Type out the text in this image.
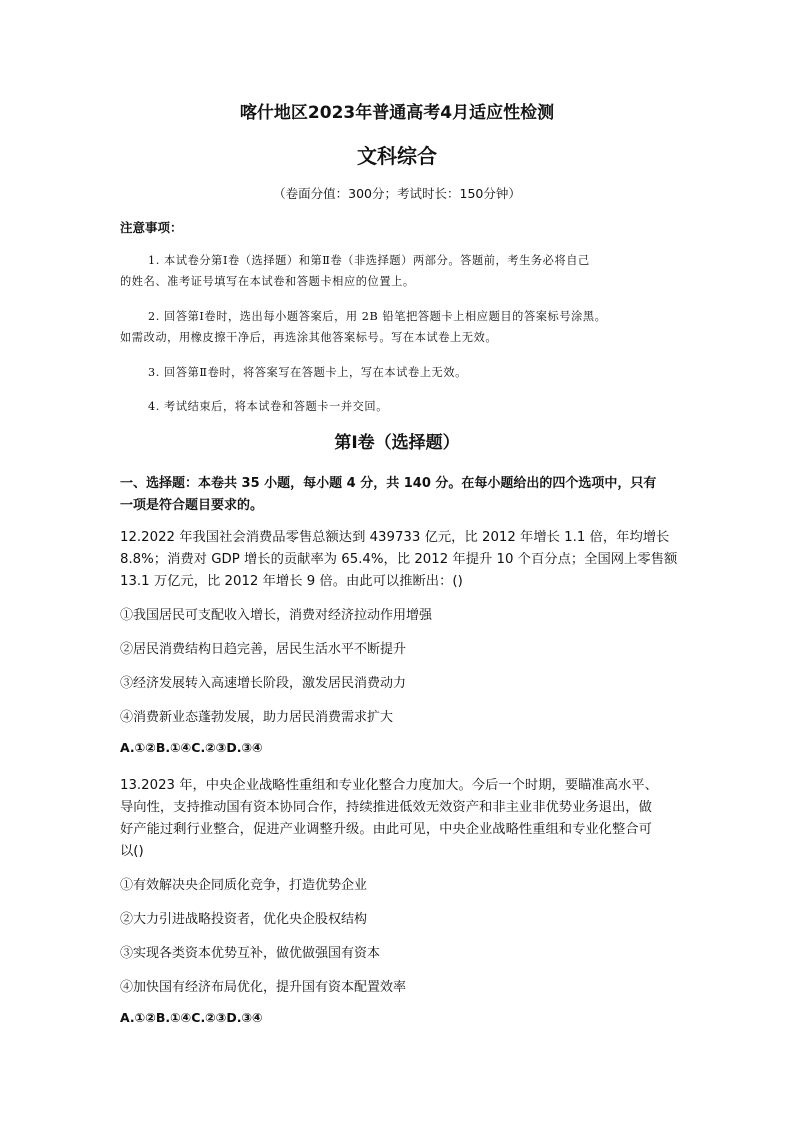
喀什地区2023年普通高考4月适应性检测
文科综合
（卷面分值：300分；考试时长：150分钟）
注意事项：
1. 本试卷分第Ⅰ卷（选择题）和第Ⅱ卷（非选择题）两部分。答题前，考生务必将自己
的姓名、准考证号填写在本试卷和答题卡相应的位置上。
2. 回答第Ⅰ卷时，选出每小题答案后，用 2B 铅笔把答题卡上相应题目的答案标号涂黑。
如需改动，用橡皮擦干净后，再选涂其他答案标号。写在本试卷上无效。
3. 回答第Ⅱ卷时，将答案写在答题卡上，写在本试卷上无效。
4. 考试结束后，将本试卷和答题卡一并交回。
第Ⅰ卷（选择题）
一、选择题：本卷共 35 小题，每小题 4 分，共 140 分。在每小题给出的四个选项中，只有
一项是符合题目要求的。
12.2022 年我国社会消费品零售总额达到 439733 亿元，比 2012 年增长 1.1 倍，年均增长
8.8%；消费对 GDP 增长的贡献率为 65.4%，比 2012 年提升 10 个百分点；全国网上零售额
13.1 万亿元，比 2012 年增长 9 倍。由此可以推断出：()
①我国居民可支配收入增长，消费对经济拉动作用增强
②居民消费结构日趋完善，居民生活水平不断提升
③经济发展转入高速增长阶段，激发居民消费动力
④消费新业态蓬勃发展，助力居民消费需求扩大
A.①②B.①④C.②③D.③④
13.2023 年，中央企业战略性重组和专业化整合力度加大。今后一个时期，要瞄准高水平、
导向性，支持推动国有资本协同合作，持续推进低效无效资产和非主业非优势业务退出，做
好产能过剩行业整合，促进产业调整升级。由此可见，中央企业战略性重组和专业化整合可
以()
①有效解决央企同质化竞争，打造优势企业
②大力引进战略投资者，优化央企股权结构
③实现各类资本优势互补，做优做强国有资本
④加快国有经济布局优化，提升国有资本配置效率
A.①②B.①④C.②③D.③④
